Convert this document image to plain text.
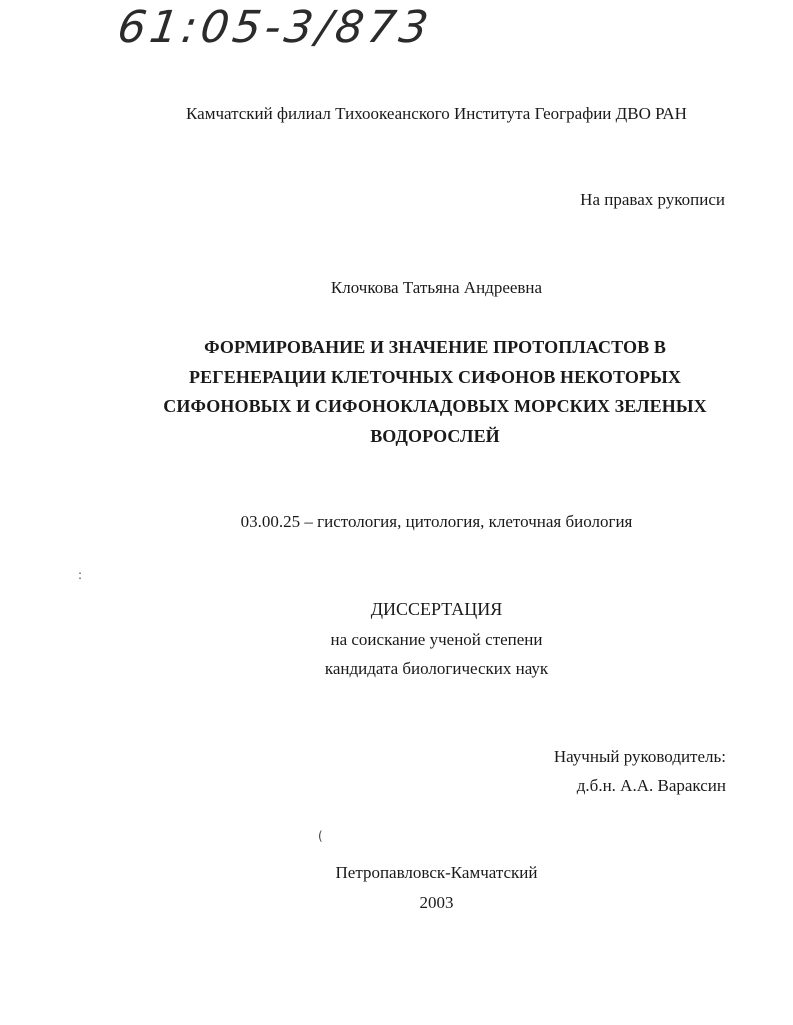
61:05-3/873
Камчатский филиал Тихоокеанского Института Географии ДВО РАН
На правах рукописи
Клочкова Татьяна Андреевна
ФОРМИРОВАНИЕ И ЗНАЧЕНИЕ ПРОТОПЛАСТОВ В
РЕГЕНЕРАЦИИ КЛЕТОЧНЫХ СИФОНОВ НЕКОТОРЫХ
СИФОНОВЫХ И СИФОНОКЛАДОВЫХ МОРСКИХ ЗЕЛЕНЫХ
ВОДОРОСЛЕЙ
03.00.25 – гистология, цитология, клеточная биология
ДИССЕРТАЦИЯ
на соискание ученой степени
кандидата биологических наук
Научный руководитель:
д.б.н. А.А. Вараксин
Петропавловск-Камчатский
2003
:
(
